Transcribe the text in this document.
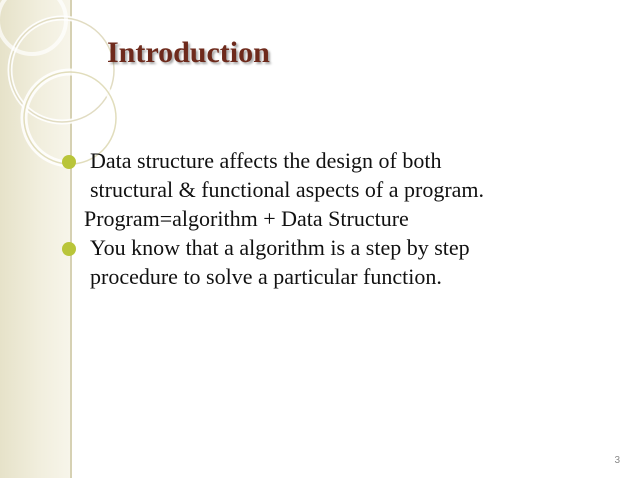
Introduction

Data structure affects the design of both
structural & functional aspects of a program.

Program=algorithm + Data Structure

You know that a algorithm is a step by step
procedure to solve a particular function.

3
